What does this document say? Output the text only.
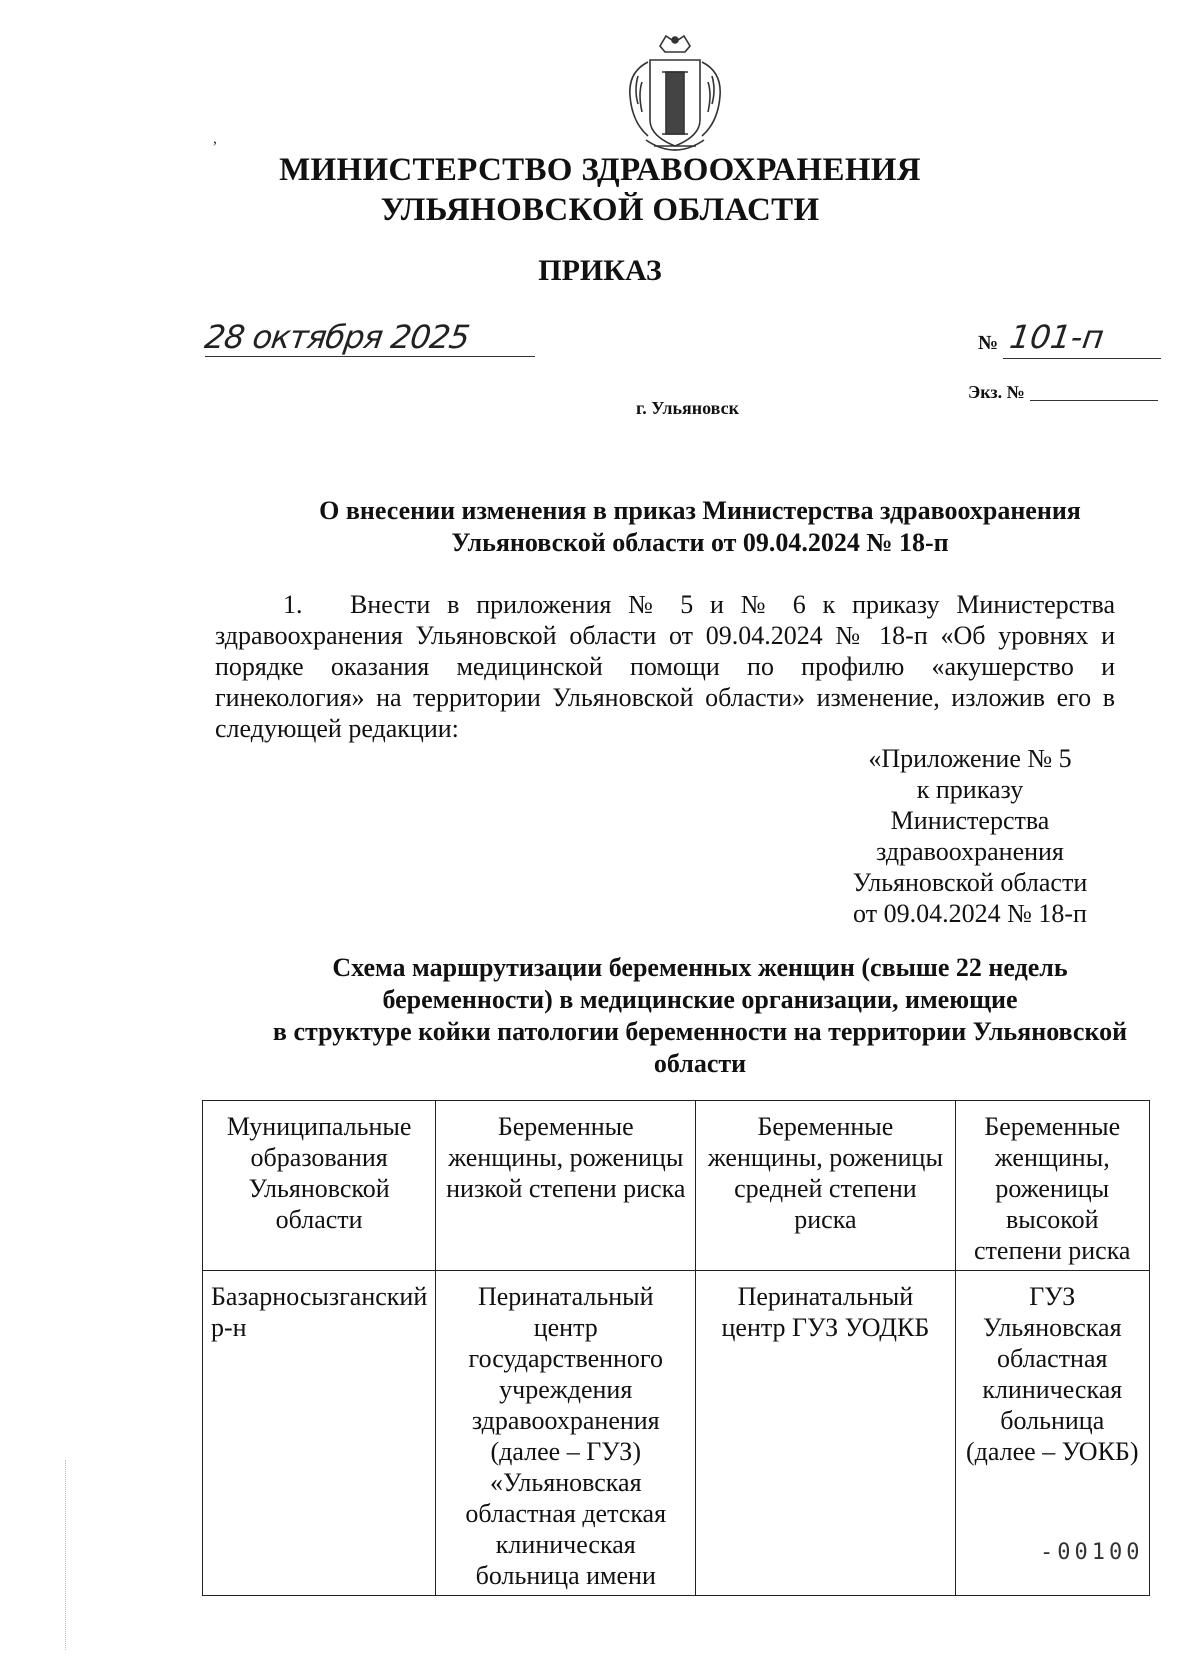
,
МИНИСТЕРСТВО ЗДРАВООХРАНЕНИЯ
УЛЬЯНОВСКОЙ ОБЛАСТИ
ПРИКАЗ
28 октября 2025	№ 101-п
Экз. №
г. Ульяновск
О внесении изменения в приказ Министерства здравоохранения
Ульяновской области от 09.04.2024 № 18-п
1. Внести в приложения № 5 и № 6 к приказу Министерства здравоохранения Ульяновской области от 09.04.2024 № 18-п «Об уровнях и порядке оказания медицинской помощи по профилю «акушерство и гинекология» на территории Ульяновской области» изменение, изложив его в следующей редакции:
«Приложение № 5
к приказу
Министерства
здравоохранения
Ульяновской области
от 09.04.2024 № 18-п
Схема маршрутизации беременных женщин (свыше 22 недель
беременности) в медицинские организации, имеющие
в структуре койки патологии беременности на территории Ульяновской
области
Муниципальные образования Ульяновской области	Беременные женщины, роженицы низкой степени риска	Беременные женщины, роженицы средней степени риска	Беременные женщины, роженицы высокой степени риска
Базарносызганский р-н	Перинатальный центр государственного учреждения здравоохранения (далее – ГУЗ) «Ульяновская областная детская клиническая больница имени	Перинатальный центр ГУЗ УОДКБ	ГУЗ Ульяновская областная клиническая больница (далее – УОКБ)
-00100
